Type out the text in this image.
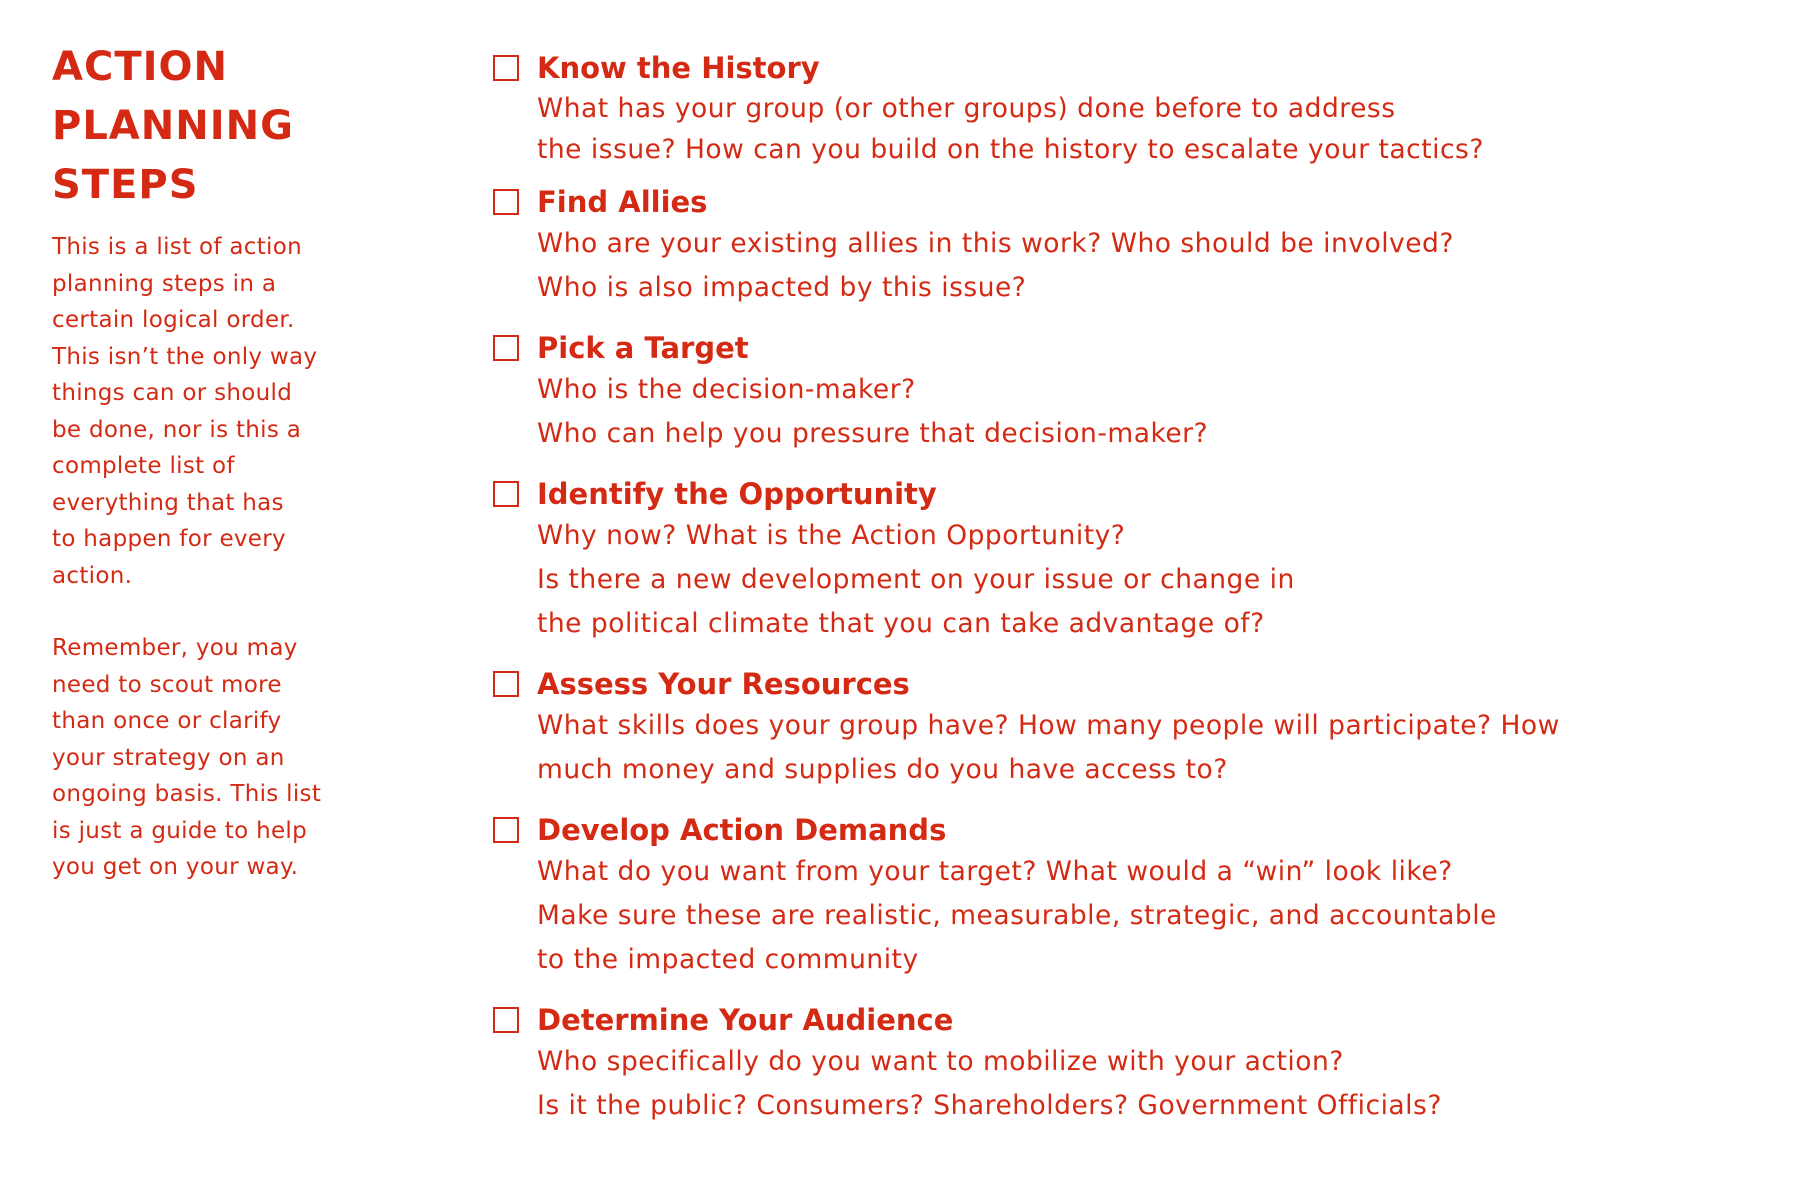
ACTION
PLANNING
STEPS

This is a list of action
planning steps in a
certain logical order.
This isn’t the only way
things can or should
be done, nor is this a
complete list of
everything that has
to happen for every
action.

Remember, you may
need to scout more
than once or clarify
your strategy on an
ongoing basis. This list
is just a guide to help
you get on your way.

Know the History
What has your group (or other groups) done before to address
the issue? How can you build on the history to escalate your tactics?
Find Allies
Who are your existing allies in this work? Who should be involved?
Who is also impacted by this issue?
Pick a Target
Who is the decision-maker?
Who can help you pressure that decision-maker?
Identify the Opportunity
Why now? What is the Action Opportunity?
Is there a new development on your issue or change in
the political climate that you can take advantage of?
Assess Your Resources
What skills does your group have? How many people will participate? How
much money and supplies do you have access to?
Develop Action Demands
What do you want from your target? What would a “win” look like?
Make sure these are realistic, measurable, strategic, and accountable
to the impacted community
Determine Your Audience
Who specifically do you want to mobilize with your action?
Is it the public? Consumers? Shareholders? Government Officials?
